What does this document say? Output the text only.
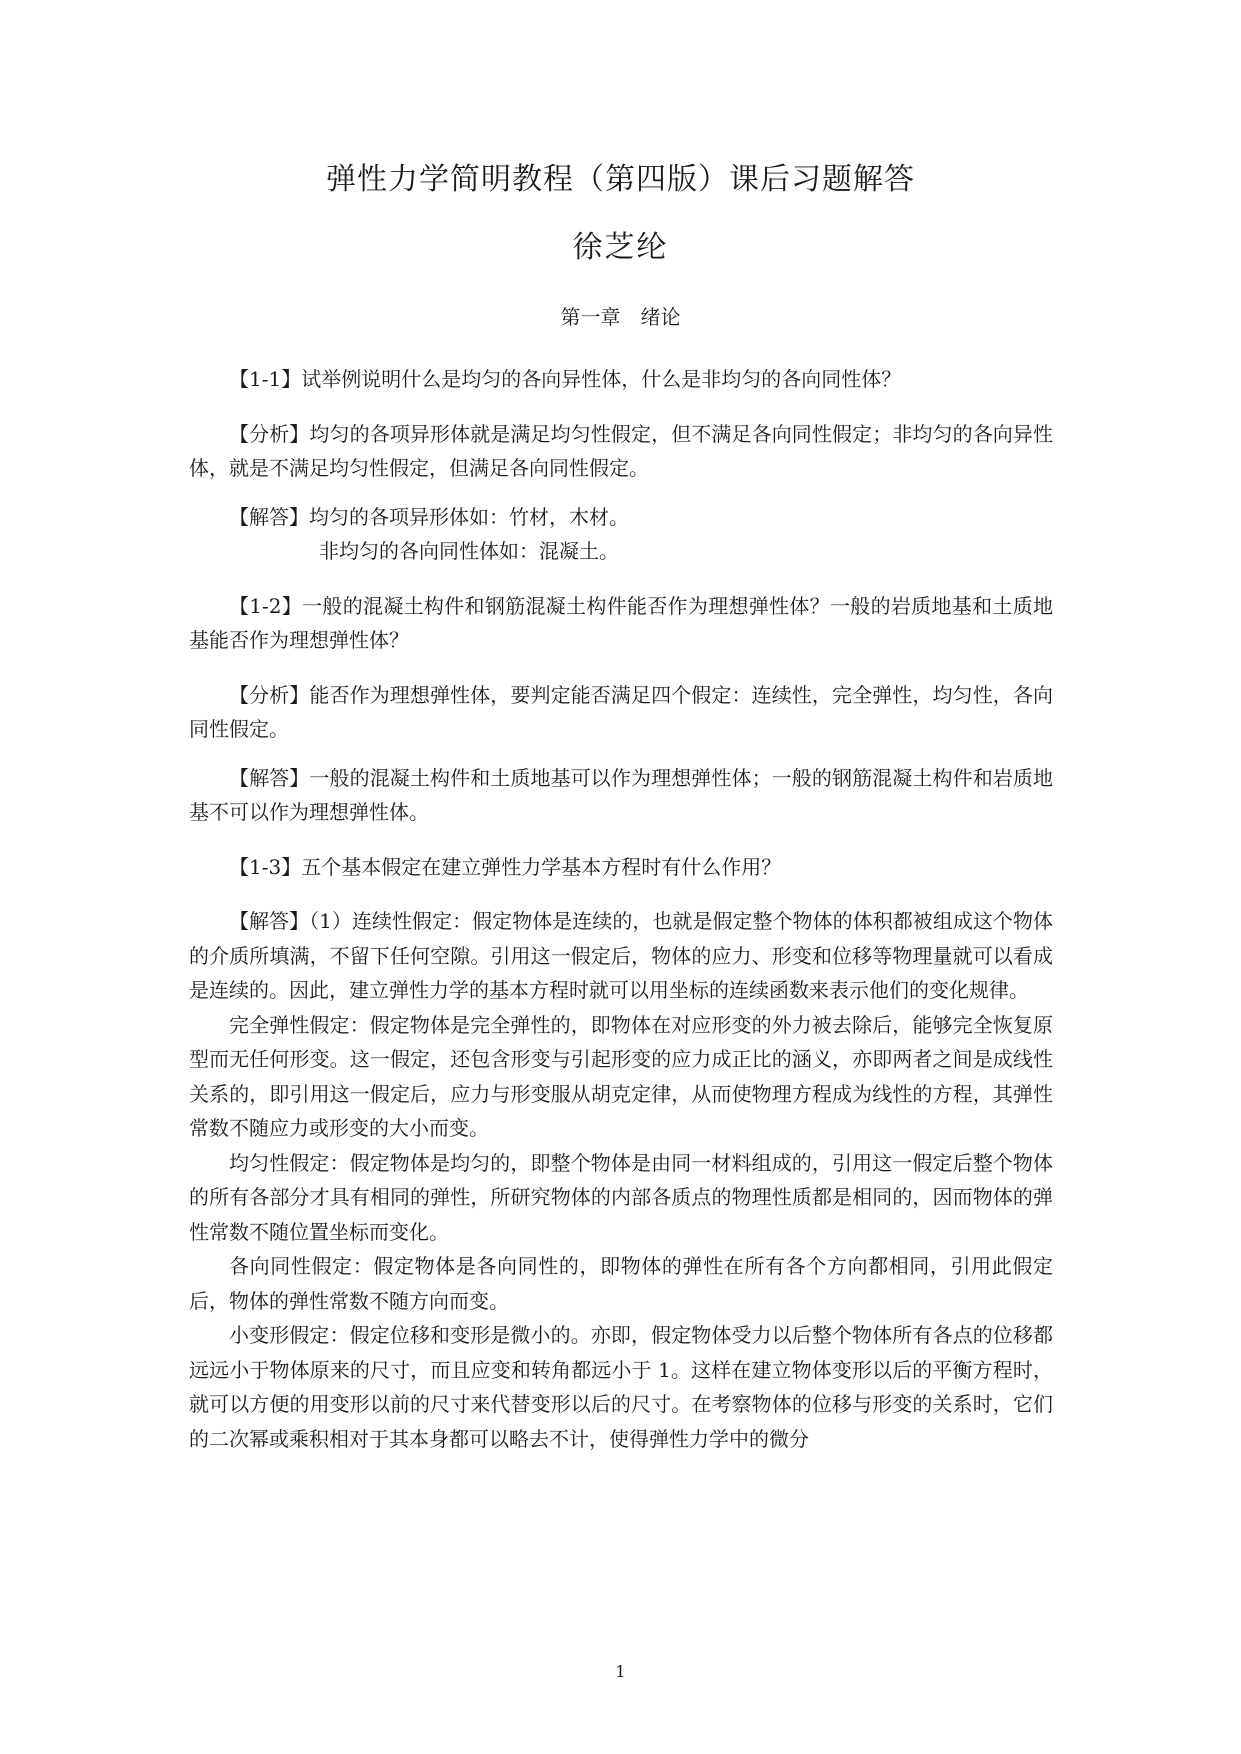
弹性力学简明教程（第四版）课后习题解答
徐芝纶
第一章　绪论

【1-1】试举例说明什么是均匀的各向异性体，什么是非均匀的各向同性体？

【分析】均匀的各项异形体就是满足均匀性假定，但不满足各向同性假定；非均匀的各向异性体，就是不满足均匀性假定，但满足各向同性假定。

【解答】均匀的各项异形体如：竹材，木材。

非均匀的各向同性体如：混凝土。

【1-2】一般的混凝土构件和钢筋混凝土构件能否作为理想弹性体？一般的岩质地基和土质地基能否作为理想弹性体？

【分析】能否作为理想弹性体，要判定能否满足四个假定：连续性，完全弹性，均匀性，各向同性假定。

【解答】一般的混凝土构件和土质地基可以作为理想弹性体；一般的钢筋混凝土构件和岩质地基不可以作为理想弹性体。

【1-3】五个基本假定在建立弹性力学基本方程时有什么作用？

【解答】（1）连续性假定：假定物体是连续的，也就是假定整个物体的体积都被组成这个物体的介质所填满，不留下任何空隙。引用这一假定后，物体的应力、形变和位移等物理量就可以看成是连续的。因此，建立弹性力学的基本方程时就可以用坐标的连续函数来表示他们的变化规律。

完全弹性假定：假定物体是完全弹性的，即物体在对应形变的外力被去除后，能够完全恢复原型而无任何形变。这一假定，还包含形变与引起形变的应力成正比的涵义，亦即两者之间是成线性关系的，即引用这一假定后，应力与形变服从胡克定律，从而使物理方程成为线性的方程，其弹性常数不随应力或形变的大小而变。

均匀性假定：假定物体是均匀的，即整个物体是由同一材料组成的，引用这一假定后整个物体的所有各部分才具有相同的弹性，所研究物体的内部各质点的物理性质都是相同的，因而物体的弹性常数不随位置坐标而变化。

各向同性假定：假定物体是各向同性的，即物体的弹性在所有各个方向都相同，引用此假定后，物体的弹性常数不随方向而变。

小变形假定：假定位移和变形是微小的。亦即，假定物体受力以后整个物体所有各点的位移都远远小于物体原来的尺寸，而且应变和转角都远小于 1。这样在建立物体变形以后的平衡方程时，就可以方便的用变形以前的尺寸来代替变形以后的尺寸。在考察物体的位移与形变的关系时，它们的二次幂或乘积相对于其本身都可以略去不计，使得弹性力学中的微分

1
